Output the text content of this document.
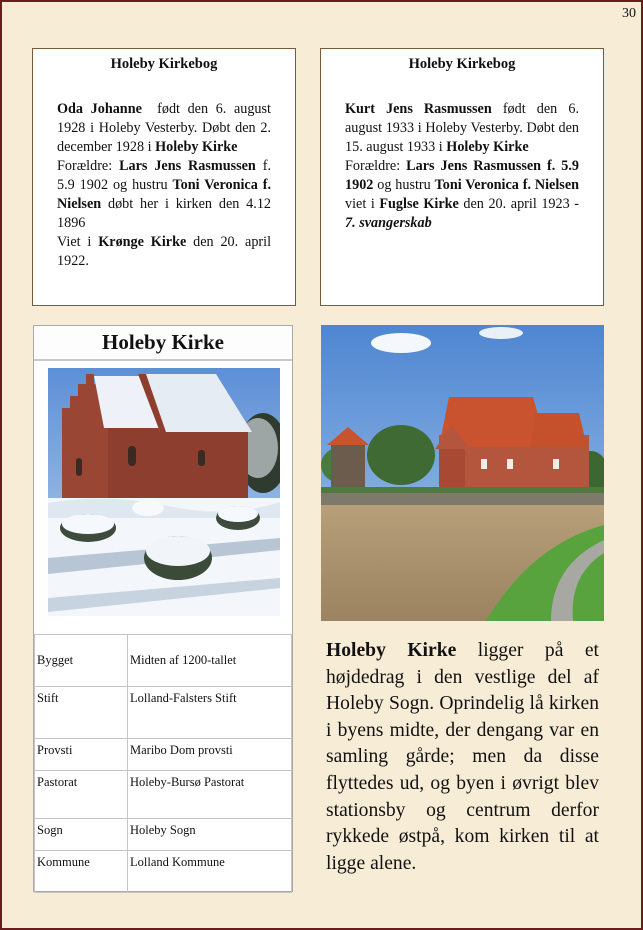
30
Holeby Kirkebog

Oda Johanne født den 6. august 1928 i Holeby Vesterby. Døbt den 2. december 1928 i Holeby Kirke
Forældre: Lars Jens Rasmussen f. 5.9 1902 og hustru Toni Veronica f. Nielsen døbt her i kirken den 4.12 1896
Viet i Krønge Kirke den 20. april 1922.

Holeby Kirkebog

Kurt Jens Rasmussen født den 6. august 1933 i Holeby Vesterby. Døbt den 15. august 1933 i Holeby Kirke
Forældre: Lars Jens Rasmussen f. 5.9 1902 og hustru Toni Veronica f. Nielsen viet i Fuglse Kirke den 20. april 1923 - 7. svangerskab

Holeby Kirke
Bygget	Midten af 1200-tallet
Stift	Lolland-Falsters Stift
Provsti	Maribo Dom provsti
Pastorat	Holeby-Bursø Pastorat
Sogn	Holeby Sogn
Kommune	Lolland Kommune
Holeby Kirke ligger på et højdedrag i den vestlige del af Holeby Sogn. Oprindelig lå kirken i byens midte, der dengang var en samling gårde; men da disse flyttedes ud, og byen i øvrigt blev stationsby og centrum derfor rykkede østpå, kom kirken til at ligge alene.
